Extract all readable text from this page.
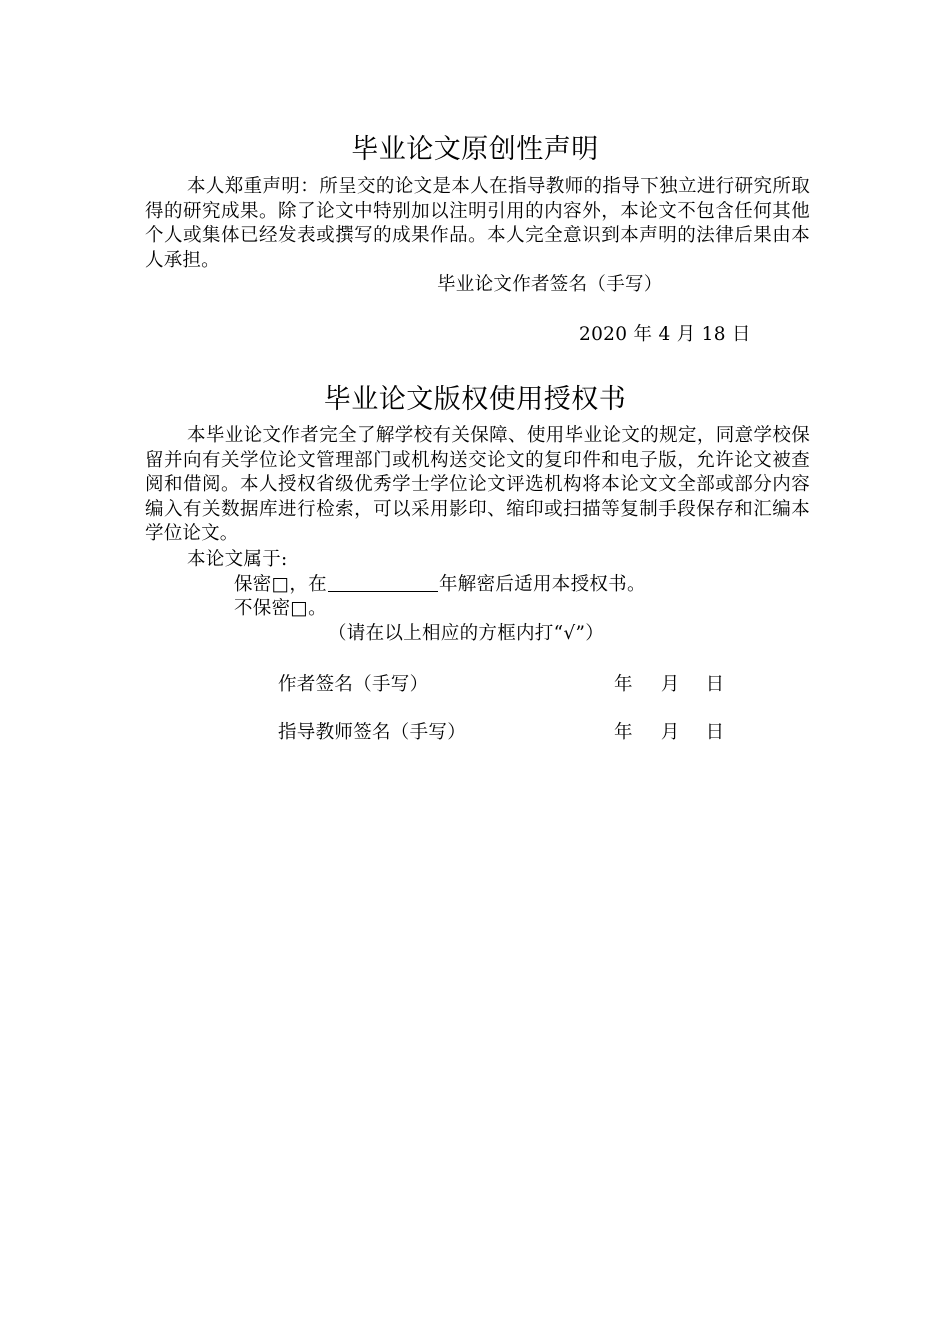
毕业论文原创性声明

本人郑重声明：所呈交的论文是本人在指导教师的指导下独立进行研究所取得的研究成果。除了论文中特别加以注明引用的内容外，本论文不包含任何其他个人或集体已经发表或撰写的成果作品。本人完全意识到本声明的法律后果由本人承担。

毕业论文作者签名（手写）
2020 年 4 月 18 日
毕业论文版权使用授权书

本毕业论文作者完全了解学校有关保障、使用毕业论文的规定，同意学校保留并向有关学位论文管理部门或机构送交论文的复印件和电子版，允许论文被查阅和借阅。本人授权省级优秀学士学位论文评选机构将本论文文全部或部分内容编入有关数据库进行检索，可以采用影印、缩印或扫描等复制手段保存和汇编本学位论文。

本论文属于:
保密□，在	年解密后适用本授权书。
不保密□。
（请在以上相应的方框内打“√”）
作者签名（手写）	年 月 日
指导教师签名（手写）	年 月 日
